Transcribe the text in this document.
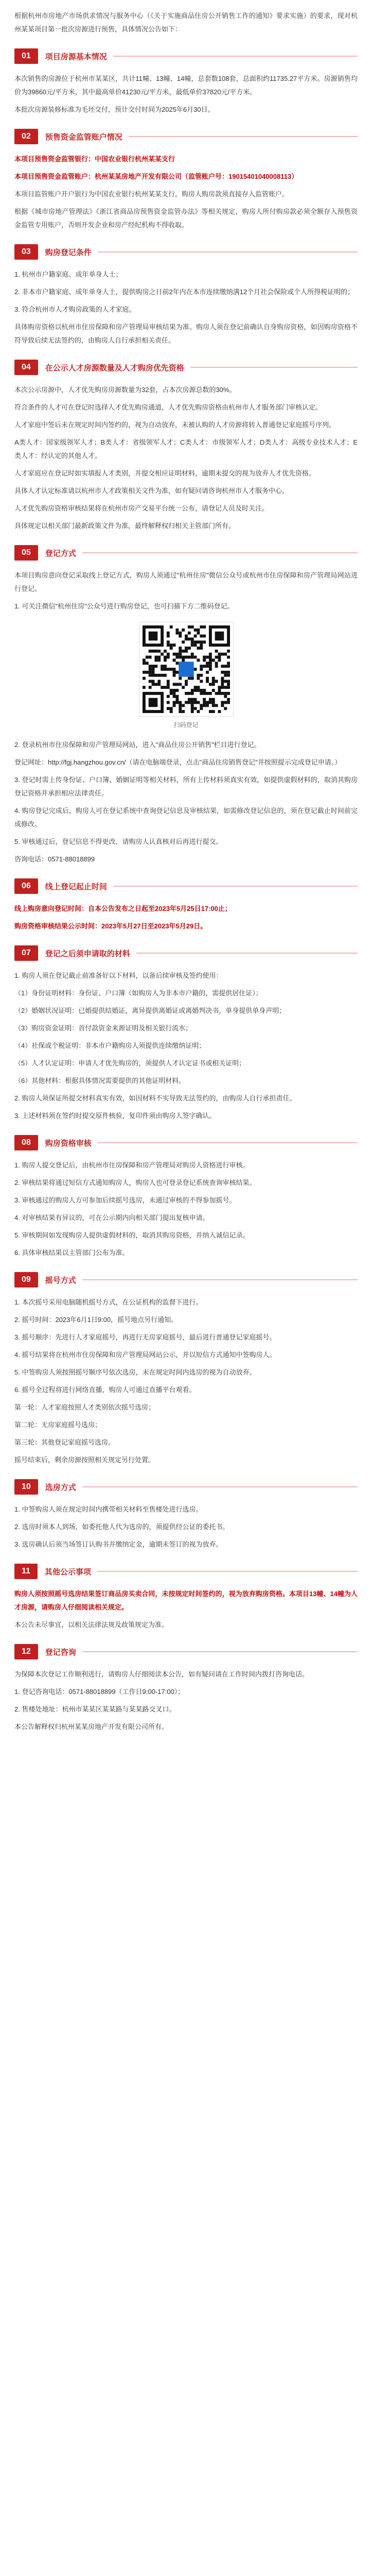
根据杭州市房地产市场供求情况与服务中心（《关于实施商品住房公开销售工作的通知》要求实施）的要求，现对杭州某某项目第一批次房源进行预售，具体情况公告如下：

01	项目房源基本情况

本次销售的房源位于杭州市某某区，共计11幢、13幢、14幢，总套数108套，总面积约11735.27平方米。房源销售均价为39860元/平方米，其中最高单价41230元/平方米，最低单价37820元/平方米。

本批次房源装修标准为毛坯交付，预计交付时间为2025年6月30日。

02	预售资金监管账户情况

本项目预售资金监管银行：中国农业银行杭州某某支行

本项目预售资金监管账户：杭州某某房地产开发有限公司（监管账户号：19015401040008113）

本项目监管账户开户银行为中国农业银行杭州某某支行，购房人购房款须直接存入监管账户。

根据《城市房地产管理法》《浙江省商品房预售资金监管办法》等相关规定，购房人所付购房款必须全额存入预售资金监管专用账户，否则开发企业和房产经纪机构不得收取。

03	购房登记条件

1. 杭州市户籍家庭、成年单身人士；

2. 非本市户籍家庭、成年单身人士，提供购房之日前2年内在本市连续缴纳满12个月社会保险或个人所得税证明的；

3. 符合杭州市人才购房政策的人才家庭。

具体购房资格以杭州市住房保障和房产管理局审核结果为准。购房人须在登记前确认自身购房资格，如因购房资格不符导致后续无法签约的，由购房人自行承担相关责任。

04	在公示人才房源数量及人才购房优先资格

本次公示房源中，人才优先购房房源数量为32套，占本次房源总数的30%。

符合条件的人才可在登记时选择人才优先购房通道，人才优先购房资格由杭州市人才服务部门审核认定。

人才家庭中签后未在规定时间内签约的，视为自动放弃，未被认购的人才房源将转入普通登记家庭摇号序列。

A类人才：国家级领军人才；B类人才：省级领军人才；C类人才：市级领军人才；D类人才：高级专业技术人才；E类人才：经认定的其他人才。

人才家庭应在登记时如实填报人才类别，并提交相应证明材料，逾期未提交的视为放弃人才优先资格。

具体人才认定标准请以杭州市人才政策相关文件为准，如有疑问请咨询杭州市人才服务中心。

人才优先购房资格审核结果将在杭州市房产交易平台统一公布，请登记人员及时关注。

具体规定以相关部门最新政策文件为准，最终解释权归相关主管部门所有。

05	登记方式

本项目购房意向登记采取线上登记方式，购房人须通过"杭州住房"微信公众号或杭州市住房保障和房产管理局网站进行登记。

1. 可关注微信"杭州住房"公众号进行购房登记，也可扫描下方二维码登记。

扫码登记

2. 登录杭州市住房保障和房产管理局网站，进入"商品住房公开销售"栏目进行登记。

登记网址：http://fgj.hangzhou.gov.cn/（请在电脑端登录，点击"商品住房销售登记"并按照提示完成登记申请。）

3. 登记时需上传身份证、户口簿、婚姻证明等相关材料，所有上传材料须真实有效，如提供虚假材料的，取消其购房登记资格并承担相应法律责任。

4. 购房登记完成后，购房人可在登记系统中查询登记信息及审核结果，如需修改登记信息的，须在登记截止时间前完成修改。

5. 审核通过后，登记信息不得更改，请购房人认真核对后再进行提交。

咨询电话：0571-88018899

06	线上登记起止时间

线上购房意向登记时间：自本公告发布之日起至2023年5月25日17:00止；

购房资格审核结果公示时间：2023年5月27日至2023年5月29日。

07	登记之后须申请取的材料

1. 购房人须在登记截止前准备好以下材料，以备后续审核及签约使用：

（1）身份证明材料：身份证、户口簿（如购房人为非本市户籍的，需提供居住证）；

（2）婚姻状况证明：已婚提供结婚证，离异提供离婚证或离婚判决书，单身提供单身声明；

（3）购房资金证明：首付款资金来源证明及相关银行流水；

（4）社保或个税证明：非本市户籍购房人须提供连续缴纳证明；

（5）人才认定证明：申请人才优先购房的，须提供人才认定证书或相关证明；

（6）其他材料：根据具体情况需要提供的其他证明材料。

2. 购房人须保证所提交材料真实有效，如因材料不实导致无法签约的，由购房人自行承担责任。

3. 上述材料须在签约时提交原件核验，复印件须由购房人签字确认。

08	购房资格审核

1. 购房人提交登记后，由杭州市住房保障和房产管理局对购房人资格进行审核。

2. 审核结果将通过短信方式通知购房人，购房人也可登录登记系统查询审核结果。

3. 审核通过的购房人方可参加后续摇号选房，未通过审核的不得参加摇号。

4. 对审核结果有异议的，可在公示期内向相关部门提出复核申请。

5. 审核期间如发现购房人提供虚假材料的，取消其购房资格，并纳入诚信记录。

6. 具体审核结果以主管部门公布为准。

09	摇号方式

1. 本次摇号采用电脑随机摇号方式，在公证机构的监督下进行。

2. 摇号时间：2023年6月1日9:00，摇号地点另行通知。

3. 摇号顺序：先进行人才家庭摇号，再进行无房家庭摇号，最后进行普通登记家庭摇号。

4. 摇号结果将在杭州市住房保障和房产管理局网站公示，并以短信方式通知中签购房人。

5. 中签购房人须按照摇号顺序号依次选房，未在规定时间内选房的视为自动放弃。

6. 摇号全过程将进行网络直播，购房人可通过直播平台观看。

第一轮：人才家庭按照人才类别依次摇号选房；

第二轮：无房家庭摇号选房；

第三轮：其他登记家庭摇号选房。

摇号结束后，剩余房源按照相关规定另行处置。

10	选房方式

1. 中签购房人须在规定时间内携带相关材料至售楼处进行选房。

2. 选房时须本人到场，如委托他人代为选房的，须提供经公证的委托书。

3. 选房确认后须当场签订认购书并缴纳定金，逾期未签订的视为放弃。

11	其他公示事项

购房人须按照摇号选房结果签订商品房买卖合同，未按规定时间签约的，视为放弃购房资格。本项目13幢、14幢为人才房源，请购房人仔细阅读相关规定。

本公告未尽事宜，以相关法律法规及政策规定为准。

12	登记咨询

为保障本次登记工作顺利进行，请购房人仔细阅读本公告，如有疑问请在工作时间内拨打咨询电话。

1. 登记咨询电话：0571-88018899（工作日9:00-17:00）；

2. 售楼处地址：杭州市某某区某某路与某某路交叉口。

本公告解释权归杭州某某房地产开发有限公司所有。
